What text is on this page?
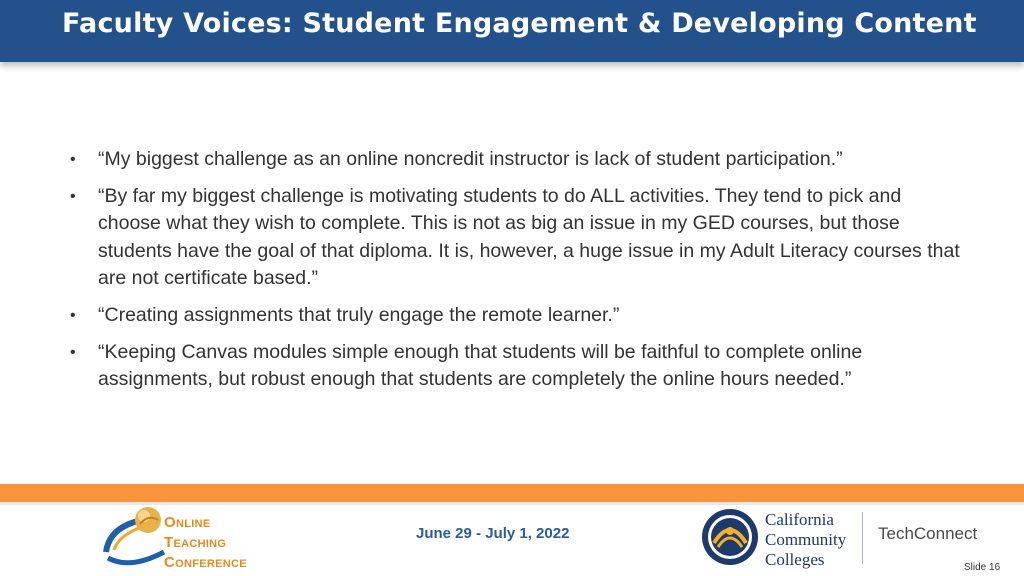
Faculty Voices: Student Engagement & Developing Content
• “My biggest challenge as an online noncredit instructor is lack of student participation.”
• “By far my biggest challenge is motivating students to do ALL activities. They tend to pick and choose what they wish to complete. This is not as big an issue in my GED courses, but those students have the goal of that diploma. It is, however, a huge issue in my Adult Literacy courses that are not certificate based.”
• “Creating assignments that truly engage the remote learner.”
• “Keeping Canvas modules simple enough that students will be faithful to complete online assignments, but robust enough that students are completely the online hours needed.”
Online
Teaching
Conference
June 29 - July 1, 2022
California
Community
Colleges
TechConnect
Slide 16
